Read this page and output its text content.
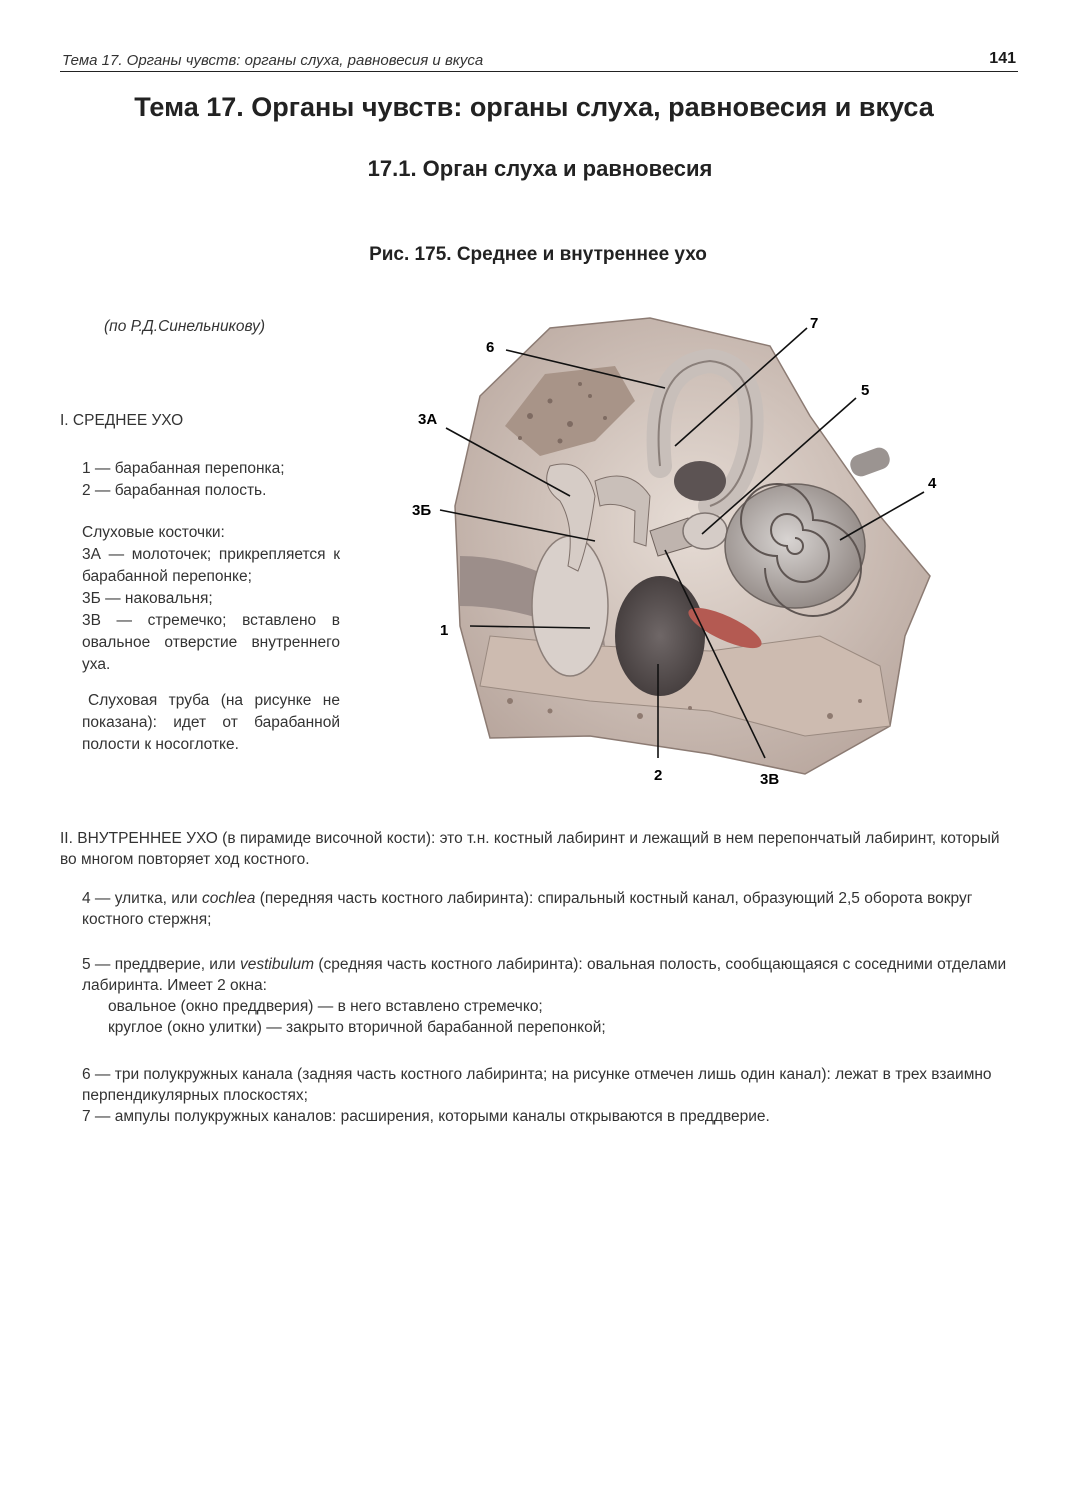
Тема 17. Органы чувств: органы слуха, равновесия и вкуса	141
Тема 17. Органы чувств: органы слуха, равновесия и вкуса
17.1. Орган слуха и равновесия
Рис. 175. Среднее и внутреннее ухо
(по Р.Д.Синельникову)

I. СРЕДНЕЕ УХО

1 — барабанная перепонка;

2 — барабанная полость.

Слуховые косточки:

3А — молоточек; прикрепляется к барабанной перепонке;

3Б — наковальня;

3В — стремечко; вставлено в овальное отверстие внутреннего уха.

Слуховая труба (на рисунке не показана): идет от барабанной полости к носоглотке.

6
7
5
3А
3Б
4
1
2	3В

II. ВНУТРЕННЕЕ УХО (в пирамиде височной кости): это т.н. костный лабиринт и лежащий в нем перепончатый лабиринт, который во многом повторяет ход костного.

4 — улитка, или cochlea (передняя часть костного лабиринта): спиральный костный канал, образующий 2,5 оборота вокруг костного стержня;

5 — преддверие, или vestibulum (средняя часть костного лабиринта): овальная полость, сообщающаяся с соседними отделами лабиринта. Имеет 2 окна:

овальное (окно преддверия) — в него вставлено стремечко;

круглое (окно улитки) — закрыто вторичной барабанной перепонкой;

6 — три полукружных канала (задняя часть костного лабиринта; на рисунке отмечен лишь один канал): лежат в трех взаимно перпендикулярных плоскостях;

7 — ампулы полукружных каналов: расширения, которыми каналы открываются в преддверие.
